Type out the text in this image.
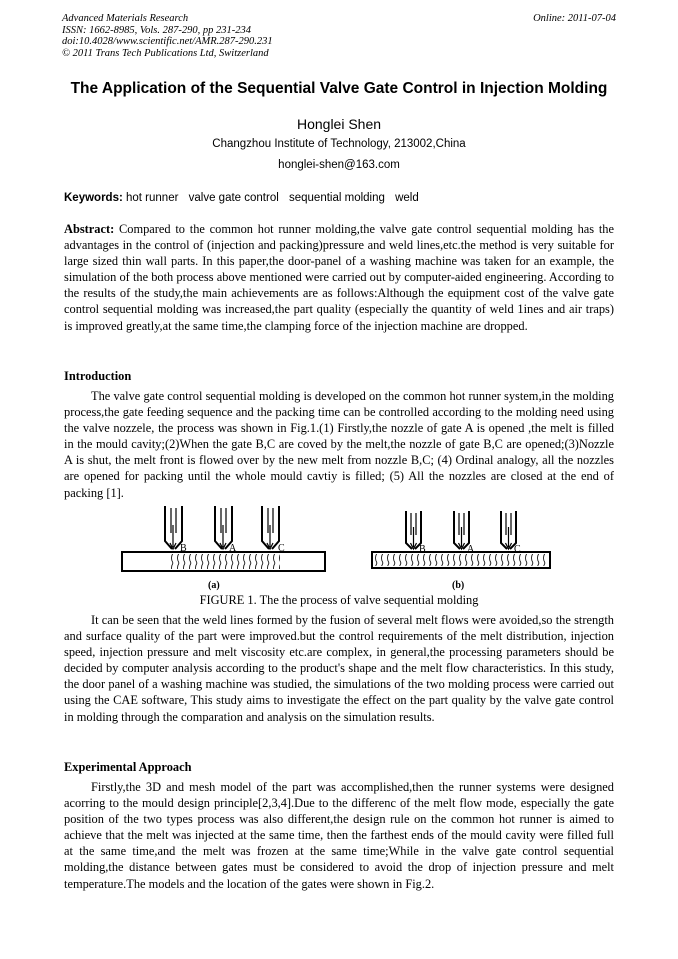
Advanced Materials Research
ISSN: 1662-8985, Vols. 287-290, pp 231-234
doi:10.4028/www.scientific.net/AMR.287-290.231
© 2011 Trans Tech Publications Ltd, Switzerland
Online: 2011-07-04
The Application of the Sequential Valve Gate Control in Injection Molding
Honglei Shen
Changzhou Institute of Technology, 213002,China
honglei-shen@163.com
Keywords: hot runner valve gate control sequential molding weld

Abstract: Compared to the common hot runner molding,the valve gate control sequential molding has the advantages in the control of (injection and packing)pressure and weld lines,etc.the method is very suitable for large sized thin wall parts. In this paper,the door-panel of a washing machine was taken for an example, the simulation of the both process above mentioned were carried out by computer-aided engineering. According to the results of the study,the main achievements are as follows:Although the equipment cost of the valve gate control sequential molding was increased,the part quality (especially the quantity of weld 1ines and air traps) is improved greatly,at the same time,the clamping force of the injection machine are dropped.

Introduction

The valve gate control sequential molding is developed on the common hot runner system,in the molding process,the gate feeding sequence and the packing time can be controlled according to the molding need using the valve nozzele, the process was shown in Fig.1.(1) Firstly,the nozzle of gate A is opened ,the melt is filled in the mould cavity;(2)When the gate B,C are coved by the melt,the nozzle of gate B,C are opened;(3)Nozzle A is shut, the melt front is flowed over by the new melt from nozzle B,C; (4) Ordinal analogy, all the nozzles are opened for packing until the whole mould cavtiy is filled; (5) All the nozzles are closed at the end of packing [1].

B	A	C
(a)
B	A	C
(b)
FIGURE 1. The the process of valve sequential molding

It can be seen that the weld lines formed by the fusion of several melt flows were avoided,so the strength and surface quality of the part were improved.but the control requirements of the melt distribution, injection speed, injection pressure and melt viscosity etc.are complex, in general,the processing parameters should be decided by computer analysis according to the product's shape and the melt flow characteristics. In this study, the door panel of a washing machine was studied, the simulations of the two molding process were carried out using the CAE software, This study aims to investigate the effect on the part quality by the valve gate control in molding through the comparation and analysis on the simulation results.

Experimental Approach

Firstly,the 3D and mesh model of the part was accomplished,then the runner systems were designed acorring to the mould design principle[2,3,4].Due to the differenc of the melt flow mode, especially the gate position of the two types process was also different,the design rule on the common hot runner is aimed to achieve that the melt was injected at the same time, then the farthest ends of the mould cavity were filled full at the same time,and the melt was frozen at the same time;While in the valve gate control sequential molding,the distance between gates must be considered to avoid the drop of injection pressure and melt temperature.The models and the location of the gates were shown in Fig.2.
